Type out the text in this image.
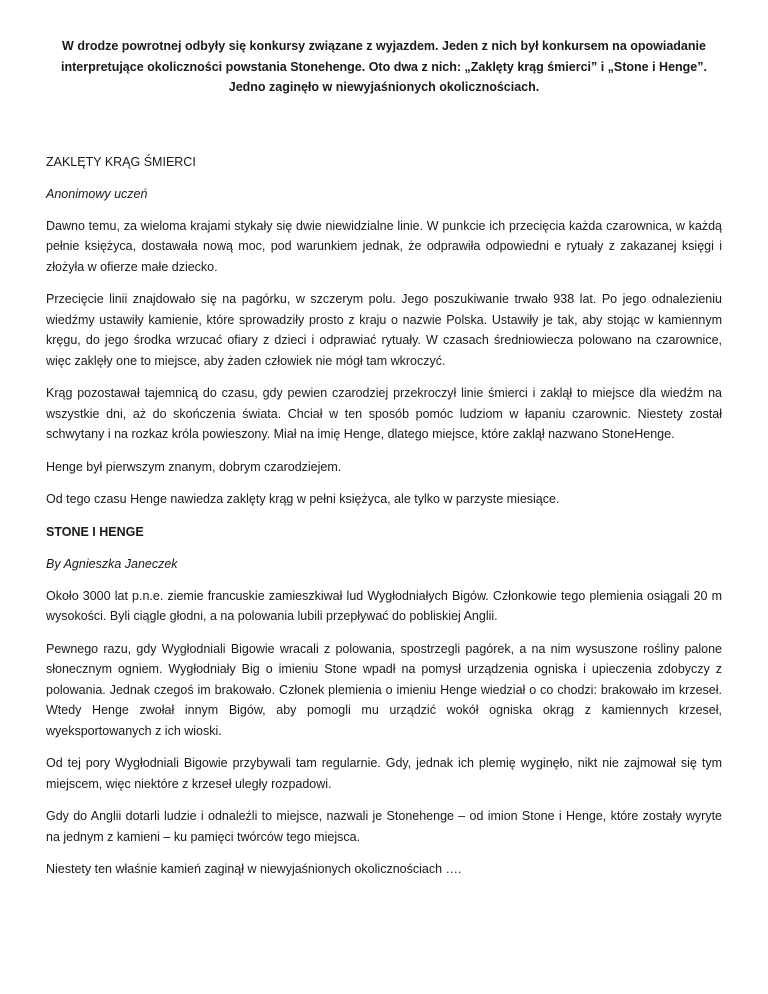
W drodze powrotnej odbyły się konkursy związane z wyjazdem. Jeden z nich był konkursem na opowiadanie interpretujące okoliczności powstania Stonehenge. Oto dwa z nich: „Zaklęty krąg śmierci” i „Stone i Henge”. Jedno zaginęło w niewyjaśnionych okolicznościach.

ZAKLĘTY KRĄG ŚMIERCI

Anonimowy uczeń

Dawno temu, za wieloma krajami stykały się dwie niewidzialne linie. W punkcie ich przecięcia każda czarownica, w każdą pełnie księżyca, dostawała nową moc, pod warunkiem jednak, że odprawiła odpowiedni e rytuały z zakazanej księgi i złożyła w ofierze małe dziecko.

Przecięcie linii znajdowało się na pagórku, w szczerym polu. Jego poszukiwanie trwało 938 lat. Po jego odnalezieniu wiedźmy ustawiły kamienie, które sprowadziły prosto z kraju o nazwie Polska. Ustawiły je tak, aby stojąc w kamiennym kręgu, do jego środka wrzucać ofiary z dzieci i odprawiać rytuały. W czasach średniowiecza polowano na czarownice, więc zaklęły one to miejsce, aby żaden człowiek nie mógł tam wkroczyć.

Krąg pozostawał tajemnicą do czasu, gdy pewien czarodziej przekroczył linie śmierci i zaklął to miejsce dla wiedźm na wszystkie dni, aż do skończenia świata. Chciał w ten sposób pomóc ludziom w łapaniu czarownic. Niestety został schwytany i na rozkaz króla powieszony. Miał na imię Henge, dlatego miejsce, które zaklął nazwano StoneHenge.

Henge był pierwszym znanym, dobrym czarodziejem.

Od tego czasu Henge nawiedza zaklęty krąg w pełni księżyca, ale tylko w parzyste miesiące.

STONE I HENGE

By Agnieszka Janeczek

Około 3000 lat p.n.e. ziemie francuskie zamieszkiwał lud Wygłodniałych Bigów. Członkowie tego plemienia osiągali 20 m wysokości. Byli ciągle głodni, a na polowania lubili przepływać do pobliskiej Anglii.

Pewnego razu, gdy Wygłodniali Bigowie wracali z polowania, spostrzegli pagórek, a na nim wysuszone rośliny palone słonecznym ogniem. Wygłodniały Big o imieniu Stone wpadł na pomysł urządzenia ogniska i upieczenia zdobyczy z polowania. Jednak czegoś im brakowało. Członek plemienia o imieniu Henge wiedział o co chodzi: brakowało im krzeseł. Wtedy Henge zwołał innym Bigów, aby pomogli mu urządzić wokół ogniska okrąg z kamiennych krzeseł, wyeksportowanych z ich wioski.

Od tej pory Wygłodniali Bigowie przybywali tam regularnie. Gdy, jednak ich plemię wyginęło, nikt nie zajmował się tym miejscem, więc niektóre z krzeseł uległy rozpadowi.

Gdy do Anglii dotarli ludzie i odnaleźli to miejsce, nazwali je Stonehenge – od imion Stone i Henge, które zostały wyryte na jednym z kamieni – ku pamięci twórców tego miejsca.

Niestety ten właśnie kamień zaginął w niewyjaśnionych okolicznościach ….
